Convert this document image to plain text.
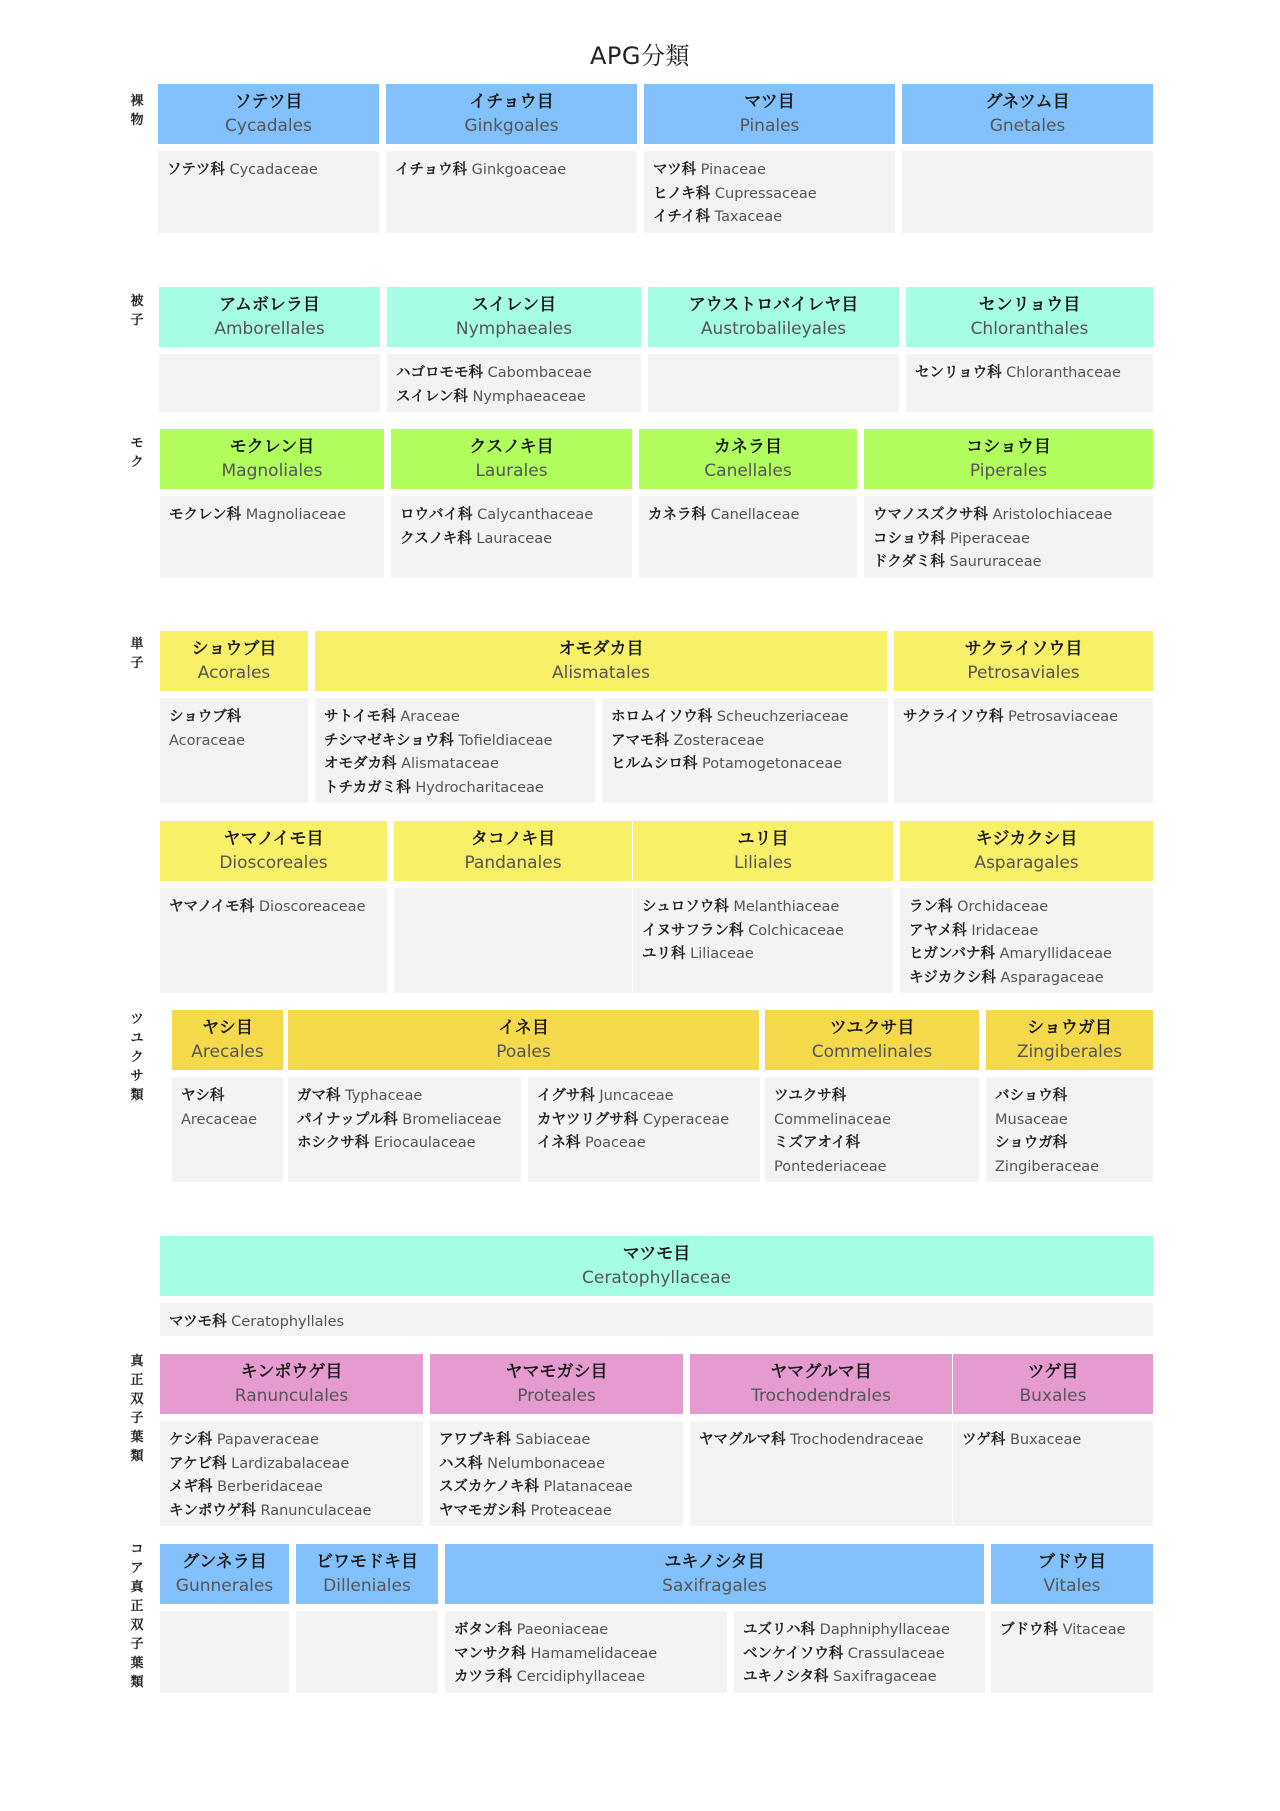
APG分類
裸物
被子
モク
単子
ツユクサ類
真正双子葉類
コア真正双子葉類
ソテツ目
Cycadales
ソテツ科 Cycadaceae
イチョウ目
Ginkgoales
イチョウ科 Ginkgoaceae
マツ目
Pinales
マツ科 Pinaceae
ヒノキ科 Cupressaceae
イチイ科 Taxaceae
グネツム目
Gnetales
アムボレラ目
Amborellales
スイレン目
Nymphaeales
ハゴロモモ科 Cabombaceae
スイレン科 Nymphaeaceae
アウストロバイレヤ目
Austrobalileyales
センリョウ目
Chloranthales
センリョウ科 Chloranthaceae
モクレン目
Magnoliales
モクレン科 Magnoliaceae
クスノキ目
Laurales
ロウバイ科 Calycanthaceae
クスノキ科 Lauraceae
カネラ目
Canellales
カネラ科 Canellaceae
コショウ目
Piperales
ウマノスズクサ科 Aristolochiaceae
コショウ科 Piperaceae
ドクダミ科 Saururaceae
ショウブ目
Acorales
ショウブ科
Acoraceae
オモダカ目
Alismatales
サトイモ科 Araceae
チシマゼキショウ科 Tofieldiaceae
オモダカ科 Alismataceae
トチカガミ科 Hydrocharitaceae
ホロムイソウ科 Scheuchzeriaceae
アマモ科 Zosteraceae
ヒルムシロ科 Potamogetonaceae
サクライソウ目
Petrosaviales
サクライソウ科 Petrosaviaceae
ヤマノイモ目
Dioscoreales
ヤマノイモ科 Dioscoreaceae
タコノキ目
Pandanales
ユリ目
Liliales
シュロソウ科 Melanthiaceae
イヌサフラン科 Colchicaceae
ユリ科 Liliaceae
キジカクシ目
Asparagales
ラン科 Orchidaceae
アヤメ科 Iridaceae
ヒガンバナ科 Amaryllidaceae
キジカクシ科 Asparagaceae
ヤシ目
Arecales
ヤシ科
Arecaceae
イネ目
Poales
ガマ科 Typhaceae
パイナップル科 Bromeliaceae
ホシクサ科 Eriocaulaceae
イグサ科 Juncaceae
カヤツリグサ科 Cyperaceae
イネ科 Poaceae
ツユクサ目
Commelinales
ツユクサ科
Commelinaceae
ミズアオイ科
Pontederiaceae
ショウガ目
Zingiberales
バショウ科
Musaceae
ショウガ科
Zingiberaceae
マツモ目
Ceratophyllaceae
マツモ科 Ceratophyllales
キンポウゲ目
Ranunculales
ケシ科 Papaveraceae
アケビ科 Lardizabalaceae
メギ科 Berberidaceae
キンポウゲ科 Ranunculaceae
ヤマモガシ目
Proteales
アワブキ科 Sabiaceae
ハス科 Nelumbonaceae
スズカケノキ科 Platanaceae
ヤマモガシ科 Proteaceae
ヤマグルマ目
Trochodendrales
ヤマグルマ科 Trochodendraceae
ツゲ目
Buxales
ツゲ科 Buxaceae
グンネラ目
Gunnerales
ビワモドキ目
Dilleniales
ユキノシタ目
Saxifragales
ボタン科 Paeoniaceae
マンサク科 Hamamelidaceae
カツラ科 Cercidiphyllaceae
ユズリハ科 Daphniphyllaceae
ベンケイソウ科 Crassulaceae
ユキノシタ科 Saxifragaceae
ブドウ目
Vitales
ブドウ科 Vitaceae
